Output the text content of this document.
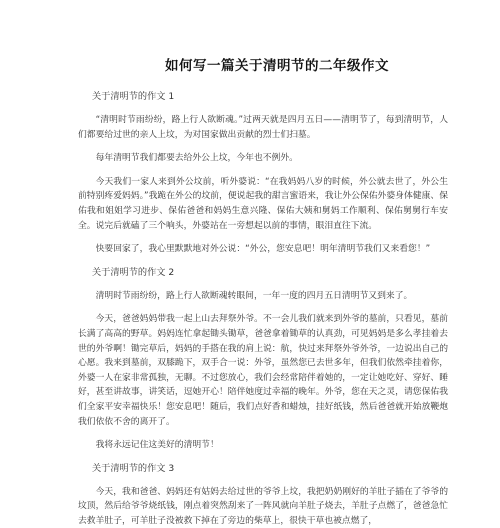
如何写一篇关于清明节的二年级作文
关于清明节的作文 1

“清明时节雨纷纷，路上行人欲断魂。”过两天就是四月五日——清明节了，每到清明节，人们都要给过世的亲人上坟，为对国家做出贡献的烈士们扫墓。

每年清明节我们都要去给外公上坟，今年也不例外。

今天我们一家人来到外公坟前，听外婆说：“在我妈妈八岁的时候，外公就去世了，外公生前特别疼爱妈妈。”我跪在外公的坟前，便说起我的甜言蜜语来，我让外公保佑外婆身体健康、保佑我和姐姐学习进步、保佑爸爸和妈妈生意兴隆、保佑大姨和舅妈工作顺利、保佑舅舅行车安全。说完后就磕了三个响头，外婆站在一旁想起以前的事情，眼泪直往下流。

快要回家了，我心里默默地对外公说：“外公，您安息吧！明年清明节我们又来看您！”

关于清明节的作文 2

清明时节雨纷纷，路上行人欲断魂转眼间，一年一度的四月五日清明节又到来了。

今天，爸爸妈妈带我一起上山去拜祭外爷。不一会儿我们就来到外爷的墓前，只看见，墓前长满了高高的野草。妈妈连忙拿起锄头锄草，爸爸拿着锄草的认真劲，可见妈妈是多么孝挂着去世的外爷啊！锄完草后，妈妈的手搭在我的肩上说：航，快过来拜祭外爷外爷，一边说出自己的心愿。我来到墓前，双膝跪下，双手合一说：外爷，虽然您已去世多年，但我们依然牵挂着你，外婆一人在家非常孤独，无聊。不过您放心，我们会经常陪伴着她的，一定让她吃好、穿好、睡好，甚至讲故事，讲笑话，逗她开心！陪伴她度过幸福的晚年。外爷，您在天之灵，请您保佑我们全家平安幸福快乐！您安息吧！随后，我们点好香和蜡烛，挂好纸钱，然后爸爸就开始放鞭炮我们依依不舍的离开了。

我将永远记住这美好的清明节！

关于清明节的作文 3

今天，我和爸爸、妈妈还有姑妈去给过世的爷爷上坟，我把奶奶刚好的羊肚子插在了爷爷的坟顶，然后给爷爷烧纸钱，刚点着突然刮来了一阵风就向羊肚子烧去，羊肚子点燃了，爸爸急忙去救羊肚子，可羊肚子没被救下掉在了旁边的柴草上，很快干草也被点燃了，
